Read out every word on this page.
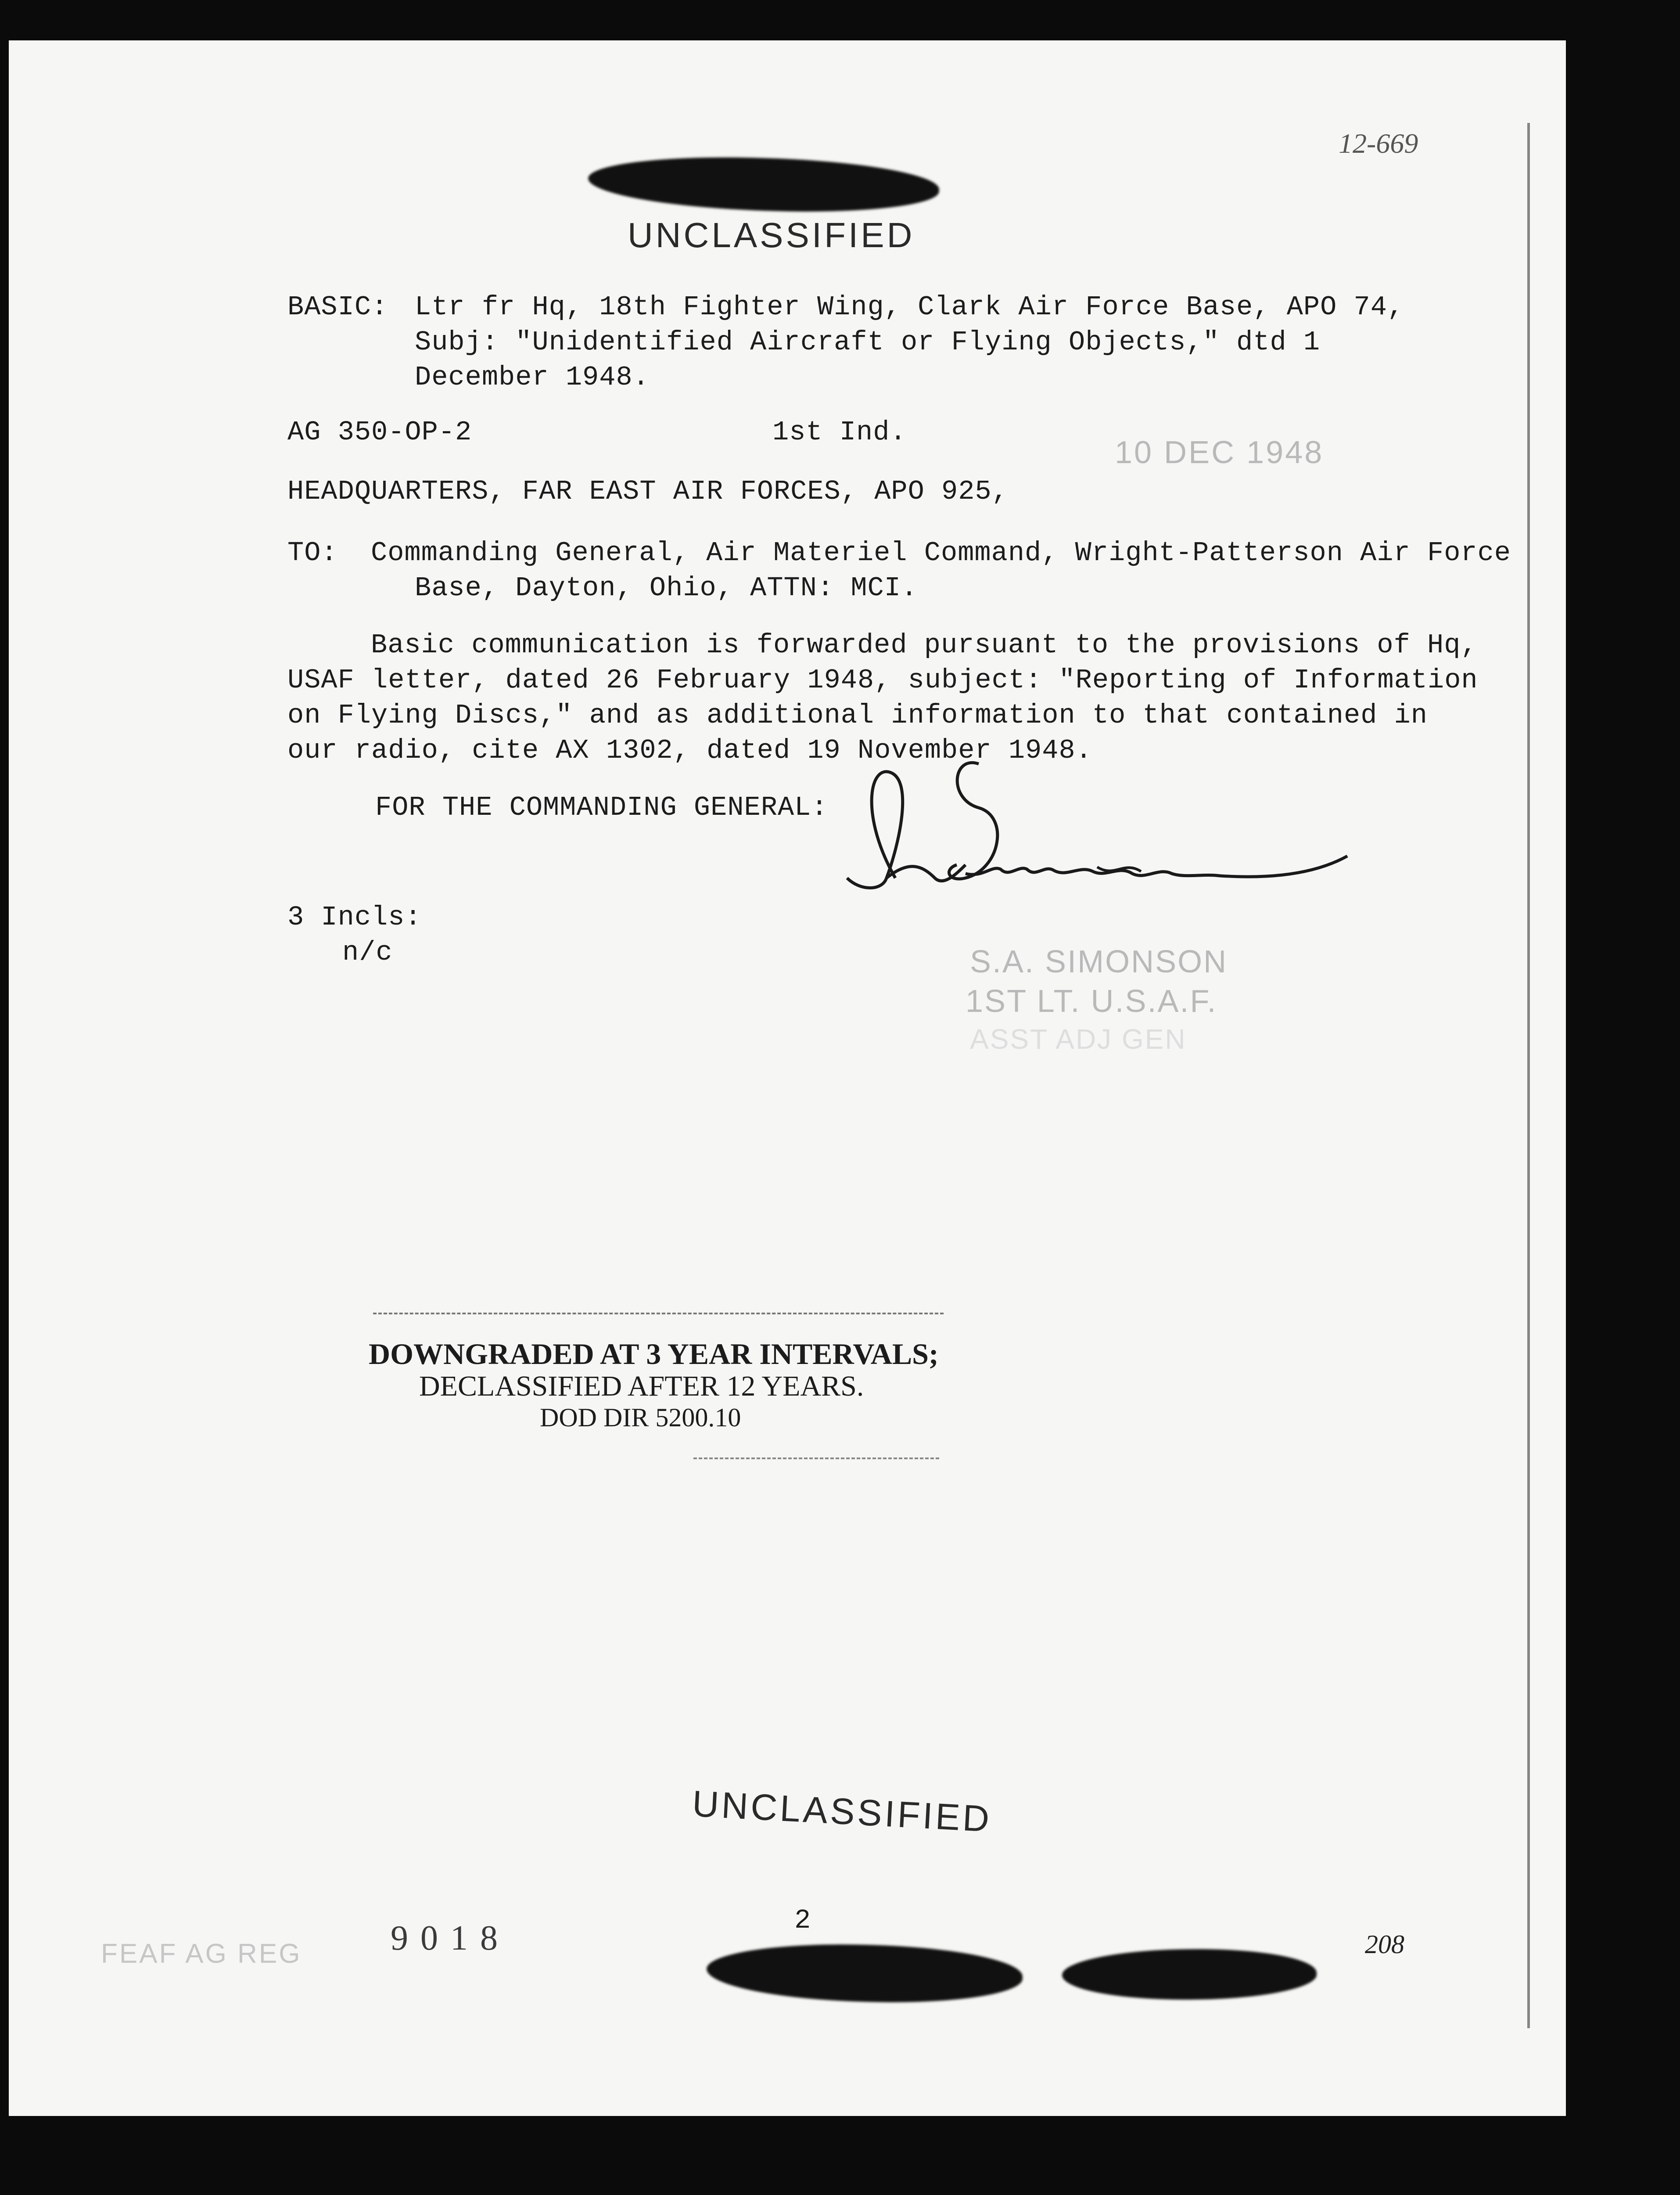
12-669
UNCLASSIFIED
BASIC: Ltr fr Hq, 18th Fighter Wing, Clark Air Force Base, APO 74,
Subj: "Unidentified Aircraft or Flying Objects," dtd 1
December 1948.
AG 350-OP-2	1st Ind.
10 DEC 1948
HEADQUARTERS, FAR EAST AIR FORCES, APO 925,
TO: Commanding General, Air Materiel Command, Wright-Patterson Air Force
Base, Dayton, Ohio, ATTN: MCI.
Basic communication is forwarded pursuant to the provisions of Hq,
USAF letter, dated 26 February 1948, subject: "Reporting of Information
on Flying Discs," and as additional information to that contained in
our radio, cite AX 1302, dated 19 November 1948.
FOR THE COMMANDING GENERAL:
S.A. SIMONSON
1ST LT. U.S.A.F.
ASST ADJ GEN
3 Incls:
n/c
DOWNGRADED AT 3 YEAR INTERVALS;
DECLASSIFIED AFTER 12 YEARS.
DOD DIR 5200.10
UNCLASSIFIED
2
FEAF AG REG	9018	208
